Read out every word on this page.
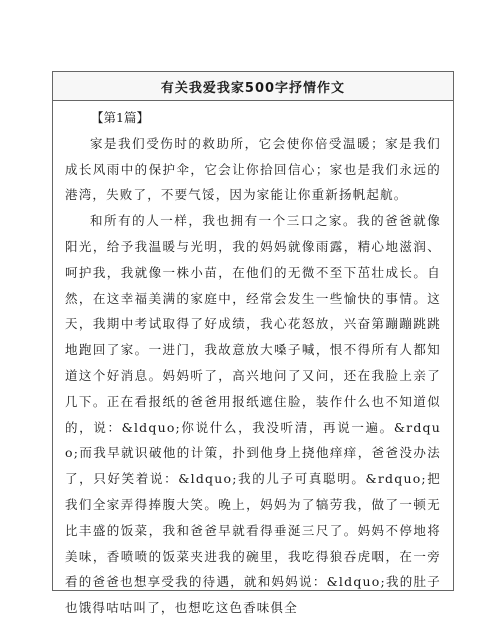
有关我爱我家500字抒情作文

【第1篇】

家是我们受伤时的救助所，它会使你倍受温暖；家是我们成长风雨中的保护伞，它会让你拾回信心；家也是我们永远的港湾，失败了，不要气馁，因为家能让你重新扬帆起航。

和所有的人一样，我也拥有一个三口之家。我的爸爸就像阳光，给予我温暖与光明，我的妈妈就像雨露，精心地滋润、呵护我，我就像一株小苗，在他们的无微不至下茁壮成长。自然，在这幸福美满的家庭中，经常会发生一些愉快的事情。这天，我期中考试取得了好成绩，我心花怒放，兴奋第蹦蹦跳跳地跑回了家。一进门，我故意放大嗓子喊，恨不得所有人都知道这个好消息。妈妈听了，高兴地问了又问，还在我脸上亲了几下。正在看报纸的爸爸用报纸遮住脸，装作什么也不知道似的，说：&ldquo;你说什么，我没听清，再说一遍。&rdquo;而我早就识破他的计策，扑到他身上挠他痒痒，爸爸没办法了，只好笑着说：&ldquo;我的儿子可真聪明。&rdquo;把我们全家弄得捧腹大笑。晚上，妈妈为了犒劳我，做了一顿无比丰盛的饭菜，我和爸爸早就看得垂涎三尺了。妈妈不停地将美味，香喷喷的饭菜夹进我的碗里，我吃得狼吞虎咽，在一旁看的爸爸也想享受我的待遇，就和妈妈说：&ldquo;我的肚子也饿得咕咕叫了，也想吃这色香味俱全
